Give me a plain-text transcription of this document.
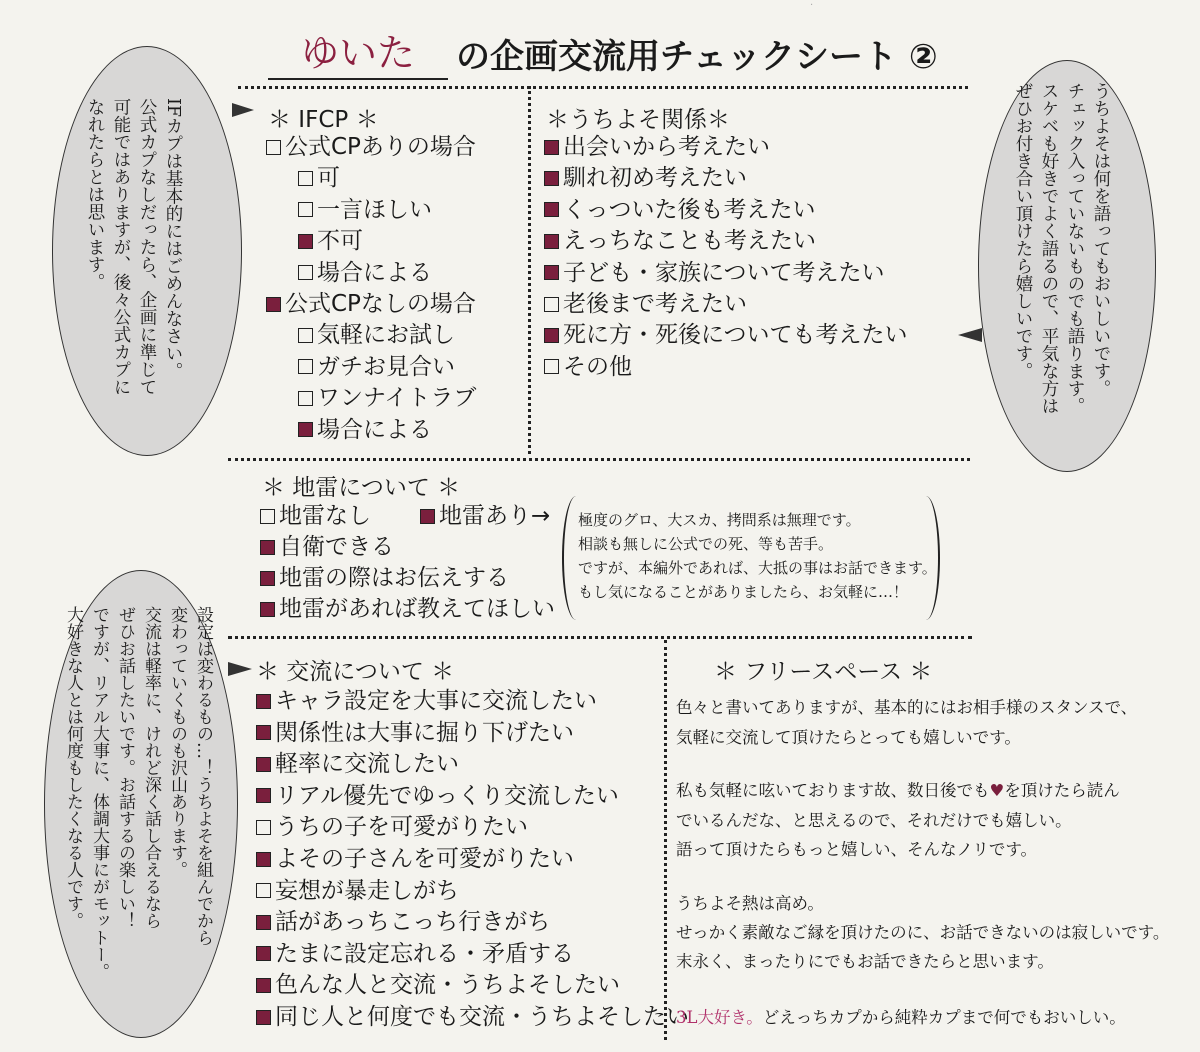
ゆいた	の企画交流用チェックシート ②
·
IFカプは基本的にはごめんなさい。
公式カプなしだったら、企画に準じて
可能ではありますが、後々公式カプに
なれたらとは思います。	うちよそは何を語ってもおいしいです。
チェック入っていないものでも語ります。
スケベも好きでよく語るので、平気な方は
ぜひお付き合い頂けたら嬉しいです。
設定は変わるもの…！うちよそを組んでから
変わっていくものも沢山あります。
交流は軽率に、けれど深く話し合えるなら
ぜひお話したいです。お話するの楽しい！
ですが、リアル大事に、体調大事にがモットー。
大好きな人とは何度もしたくなる人です。
＊ IFCP ＊
公式CPありの場合
可
一言ほしい
不可
場合による
公式CPなしの場合
気軽にお試し
ガチお見合い
ワンナイトラブ
場合による
＊うちよそ関係＊
出会いから考えたい
馴れ初め考えたい
くっついた後も考えたい
えっちなことも考えたい
子ども・家族について考えたい
老後まで考えたい
死に方・死後についても考えたい
その他
＊ 地雷について ＊
地雷なし	地雷あり→
自衛できる
地雷の際はお伝えする
地雷があれば教えてほしい
極度のグロ、大スカ、拷問系は無理です。
相談も無しに公式での死、等も苦手。
ですが、本編外であれば、大抵の事はお話できます。
もし気になることがありましたら、お気軽に…！
＊ 交流について ＊
キャラ設定を大事に交流したい
関係性は大事に掘り下げたい
軽率に交流したい
リアル優先でゆっくり交流したい
うちの子を可愛がりたい
よその子さんを可愛がりたい
妄想が暴走しがち
話があっちこっち行きがち
たまに設定忘れる・矛盾する
色んな人と交流・うちよそしたい
同じ人と何度でも交流・うちよそしたい
＊ フリースペース ＊
色々と書いてありますが、基本的にはお相手様のスタンスで、
気軽に交流して頂けたらとっても嬉しいです。
私も気軽に呟いております故、数日後でも♥を頂けたら読ん
でいるんだな、と思えるので、それだけでも嬉しい。
語って頂けたらもっと嬉しい、そんなノリです。
うちよそ熱は高め。
せっかく素敵なご縁を頂けたのに、お話できないのは寂しいです。
末永く、まったりにでもお話できたらと思います。
3L大好き。どえっちカプから純粋カプまで何でもおいしい。
